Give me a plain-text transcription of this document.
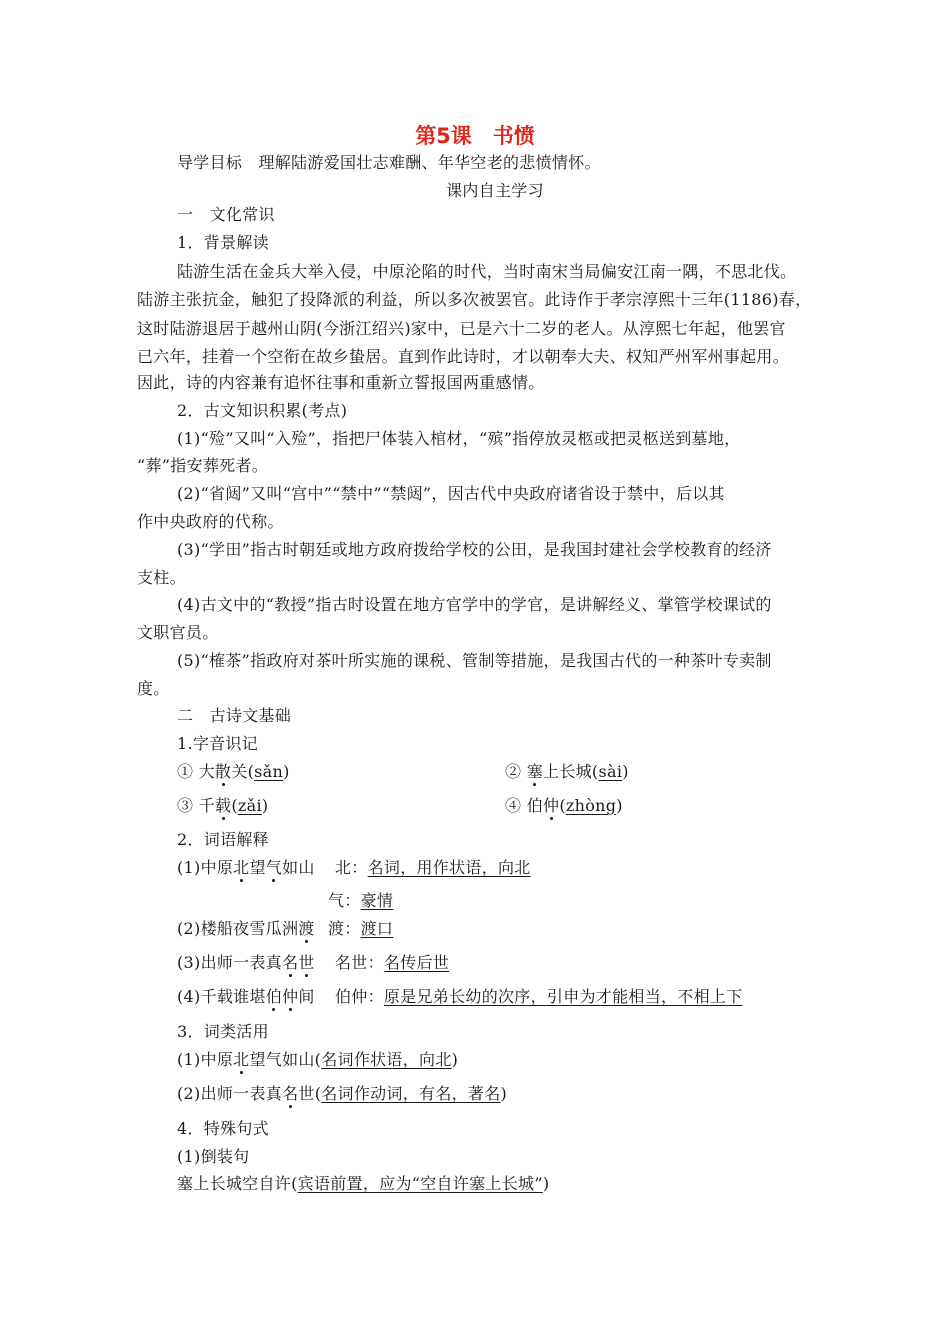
第5课　书愤
导学目标　理解陆游爱国壮志难酬、年华空老的悲愤情怀。
课内自主学习
一　文化常识
1．背景解读
陆游生活在金兵大举入侵，中原沦陷的时代，当时南宋当局偏安江南一隅，不思北伐。
陆游主张抗金，触犯了投降派的利益，所以多次被罢官。此诗作于孝宗淳熙十三年(1186)春，
这时陆游退居于越州山阴(今浙江绍兴)家中，已是六十二岁的老人。从淳熙七年起，他罢官
已六年，挂着一个空衔在故乡蛰居。直到作此诗时，才以朝奉大夫、权知严州军州事起用。
因此，诗的内容兼有追怀往事和重新立誓报国两重感情。
2．古文知识积累(考点)
(1)“殓”又叫“入殓”，指把尸体装入棺材，“殡”指停放灵柩或把灵柩送到墓地，
“葬”指安葬死者。
(2)“省闼”又叫“宫中”“禁中”“禁闼”，因古代中央政府诸省设于禁中，后以其
作中央政府的代称。
(3)“学田”指古时朝廷或地方政府拨给学校的公田，是我国封建社会学校教育的经济
支柱。
(4)古文中的“教授”指古时设置在地方官学中的学官，是讲解经义、掌管学校课试的
文职官员。
(5)“榷茶”指政府对茶叶所实施的课税、管制等措施，是我国古代的一种茶叶专卖制
度。
二　古诗文基础
1.字音识记
① 大散关(sǎn)	② 塞上长城(sài)
③ 千载(zǎi)	④ 伯仲(zhòng)
2．词语解释
(1)中原北望气如山 北：名词，用作状语，向北
气：豪情
(2)楼船夜雪瓜洲渡 渡：渡口
(3)出师一表真名世 名世：名传后世
(4)千载谁堪伯仲间 伯仲：原是兄弟长幼的次序，引申为才能相当，不相上下
3．词类活用
(1)中原北望气如山(名词作状语，向北)
(2)出师一表真名世(名词作动词，有名，著名)
4．特殊句式
(1)倒装句
塞上长城空自许(宾语前置，应为“空自许塞上长城”)
